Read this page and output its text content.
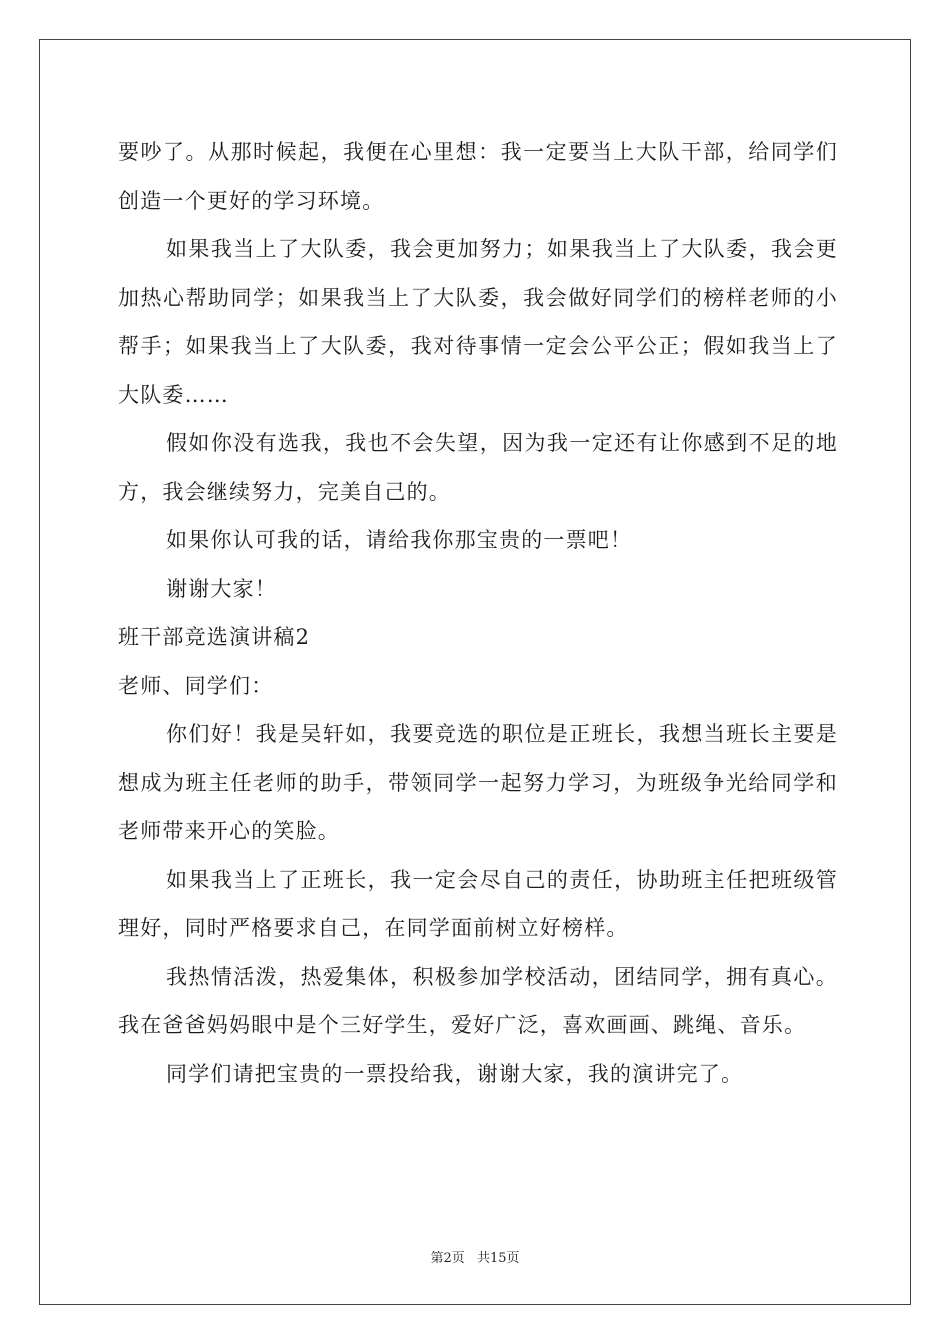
要吵了。从那时候起，我便在心里想：我一定要当上大队干部，给同学们创造一个更好的学习环境。

如果我当上了大队委，我会更加努力；如果我当上了大队委，我会更加热心帮助同学；如果我当上了大队委，我会做好同学们的榜样老师的小帮手；如果我当上了大队委，我对待事情一定会公平公正；假如我当上了大队委……

假如你没有选我，我也不会失望，因为我一定还有让你感到不足的地方，我会继续努力，完美自己的。

如果你认可我的话，请给我你那宝贵的一票吧！

谢谢大家！

班干部竞选演讲稿2

老师、同学们：

你们好！我是吴轩如，我要竞选的职位是正班长，我想当班长主要是想成为班主任老师的助手，带领同学一起努力学习，为班级争光给同学和老师带来开心的笑脸。

如果我当上了正班长，我一定会尽自己的责任，协助班主任把班级管理好，同时严格要求自己，在同学面前树立好榜样。

我热情活泼，热爱集体，积极参加学校活动，团结同学，拥有真心。我在爸爸妈妈眼中是个三好学生，爱好广泛，喜欢画画、跳绳、音乐。

同学们请把宝贵的一票投给我，谢谢大家，我的演讲完了。

第2页 共15页
